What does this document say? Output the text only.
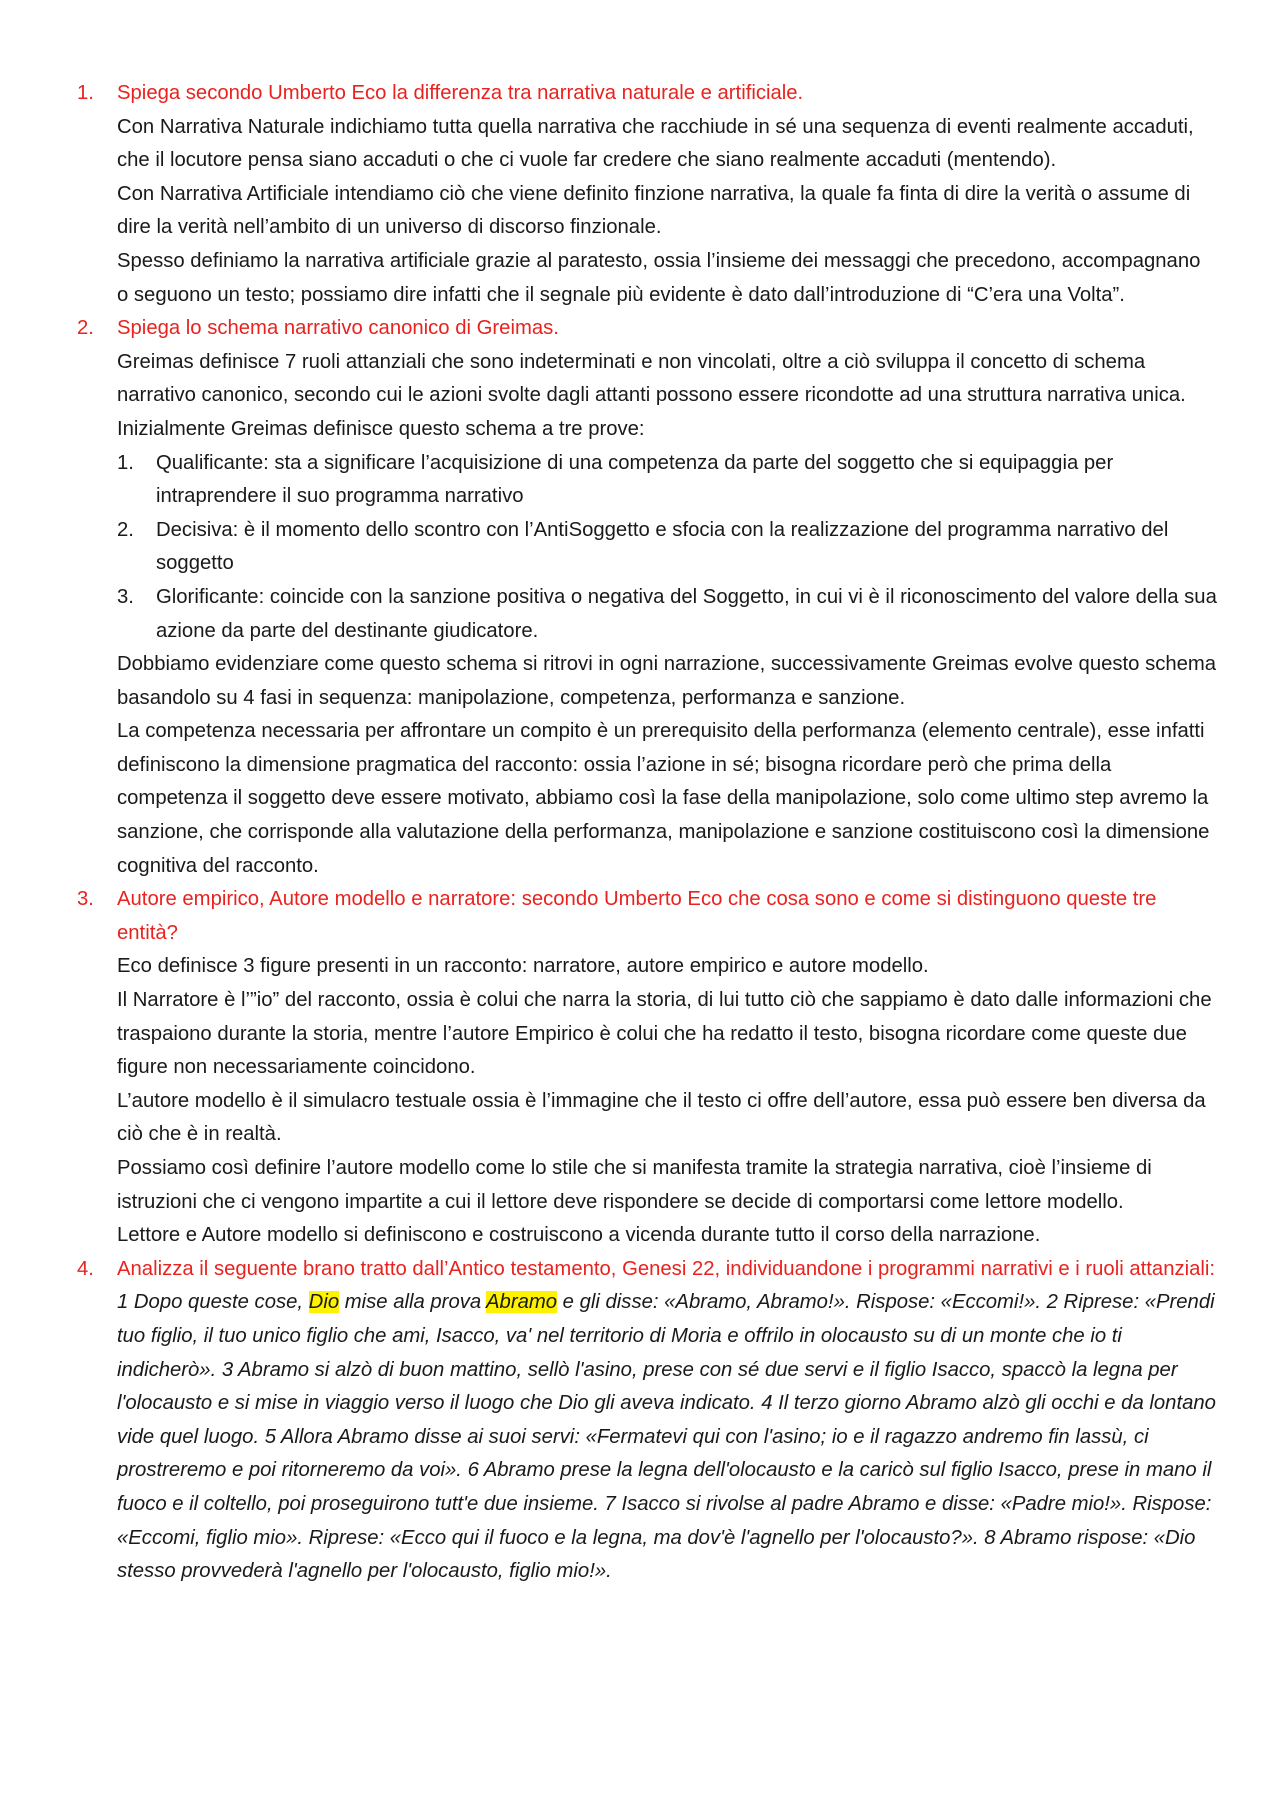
1. Spiega secondo Umberto Eco la differenza tra narrativa naturale e artificiale.

Con Narrativa Naturale indichiamo tutta quella narrativa che racchiude in sé una sequenza di eventi realmente accaduti, che il locutore pensa siano accaduti o che ci vuole far credere che siano realmente accaduti (mentendo).

Con Narrativa Artificiale intendiamo ciò che viene definito finzione narrativa, la quale fa finta di dire la verità o assume di dire la verità nell’ambito di un universo di discorso finzionale.

Spesso definiamo la narrativa artificiale grazie al paratesto, ossia l’insieme dei messaggi che precedono, accompagnano o seguono un testo; possiamo dire infatti che il segnale più evidente è dato dall’introduzione di “C’era una Volta”.

2. Spiega lo schema narrativo canonico di Greimas.

Greimas definisce 7 ruoli attanziali che sono indeterminati e non vincolati, oltre a ciò sviluppa il concetto di schema narrativo canonico, secondo cui le azioni svolte dagli attanti possono essere ricondotte ad una struttura narrativa unica.

Inizialmente Greimas definisce questo schema a tre prove:

1. Qualificante: sta a significare l’acquisizione di una competenza da parte del soggetto che si equipaggia per intraprendere il suo programma narrativo

2. Decisiva: è il momento dello scontro con l’AntiSoggetto e sfocia con la realizzazione del programma narrativo del soggetto

3. Glorificante: coincide con la sanzione positiva o negativa del Soggetto, in cui vi è il riconoscimento del valore della sua azione da parte del destinante giudicatore.

Dobbiamo evidenziare come questo schema si ritrovi in ogni narrazione, successivamente Greimas evolve questo schema basandolo su 4 fasi in sequenza: manipolazione, competenza, performanza e sanzione.

La competenza necessaria per affrontare un compito è un prerequisito della performanza (elemento centrale), esse infatti definiscono la dimensione pragmatica del racconto: ossia l’azione in sé; bisogna ricordare però che prima della competenza il soggetto deve essere motivato, abbiamo così la fase della manipolazione, solo come ultimo step avremo la sanzione, che corrisponde alla valutazione della performanza, manipolazione e sanzione costituiscono così la dimensione cognitiva del racconto.

3. Autore empirico, Autore modello e narratore: secondo Umberto Eco che cosa sono e come si distinguono queste tre entità?

Eco definisce 3 figure presenti in un racconto: narratore, autore empirico e autore modello.

Il Narratore è l’”io” del racconto, ossia è colui che narra la storia, di lui tutto ciò che sappiamo è dato dalle informazioni che traspaiono durante la storia, mentre l’autore Empirico è colui che ha redatto il testo, bisogna ricordare come queste due figure non necessariamente coincidono.

L’autore modello è il simulacro testuale ossia è l’immagine che il testo ci offre dell’autore, essa può essere ben diversa da ciò che è in realtà.

Possiamo così definire l’autore modello come lo stile che si manifesta tramite la strategia narrativa, cioè l’insieme di istruzioni che ci vengono impartite a cui il lettore deve rispondere se decide di comportarsi come lettore modello.

Lettore e Autore modello si definiscono e costruiscono a vicenda durante tutto il corso della narrazione.

4. Analizza il seguente brano tratto dall’Antico testamento, Genesi 22, individuandone i programmi narrativi e i ruoli attanziali:

1 Dopo queste cose, Dio mise alla prova Abramo e gli disse: «Abramo, Abramo!». Rispose: «Eccomi!». 2 Riprese: «Prendi tuo figlio, il tuo unico figlio che ami, Isacco, va' nel territorio di Moria e offrilo in olocausto su di un monte che io ti indicherò». 3 Abramo si alzò di buon mattino, sellò l'asino, prese con sé due servi e il figlio Isacco, spaccò la legna per l'olocausto e si mise in viaggio verso il luogo che Dio gli aveva indicato. 4 Il terzo giorno Abramo alzò gli occhi e da lontano vide quel luogo. 5 Allora Abramo disse ai suoi servi: «Fermatevi qui con l'asino; io e il ragazzo andremo fin lassù, ci prostreremo e poi ritorneremo da voi». 6 Abramo prese la legna dell'olocausto e la caricò sul figlio Isacco, prese in mano il fuoco e il coltello, poi proseguirono tutt'e due insieme. 7 Isacco si rivolse al padre Abramo e disse: «Padre mio!». Rispose: «Eccomi, figlio mio». Riprese: «Ecco qui il fuoco e la legna, ma dov'è l'agnello per l'olocausto?». 8 Abramo rispose: «Dio stesso provvederà l'agnello per l'olocausto, figlio mio!».
